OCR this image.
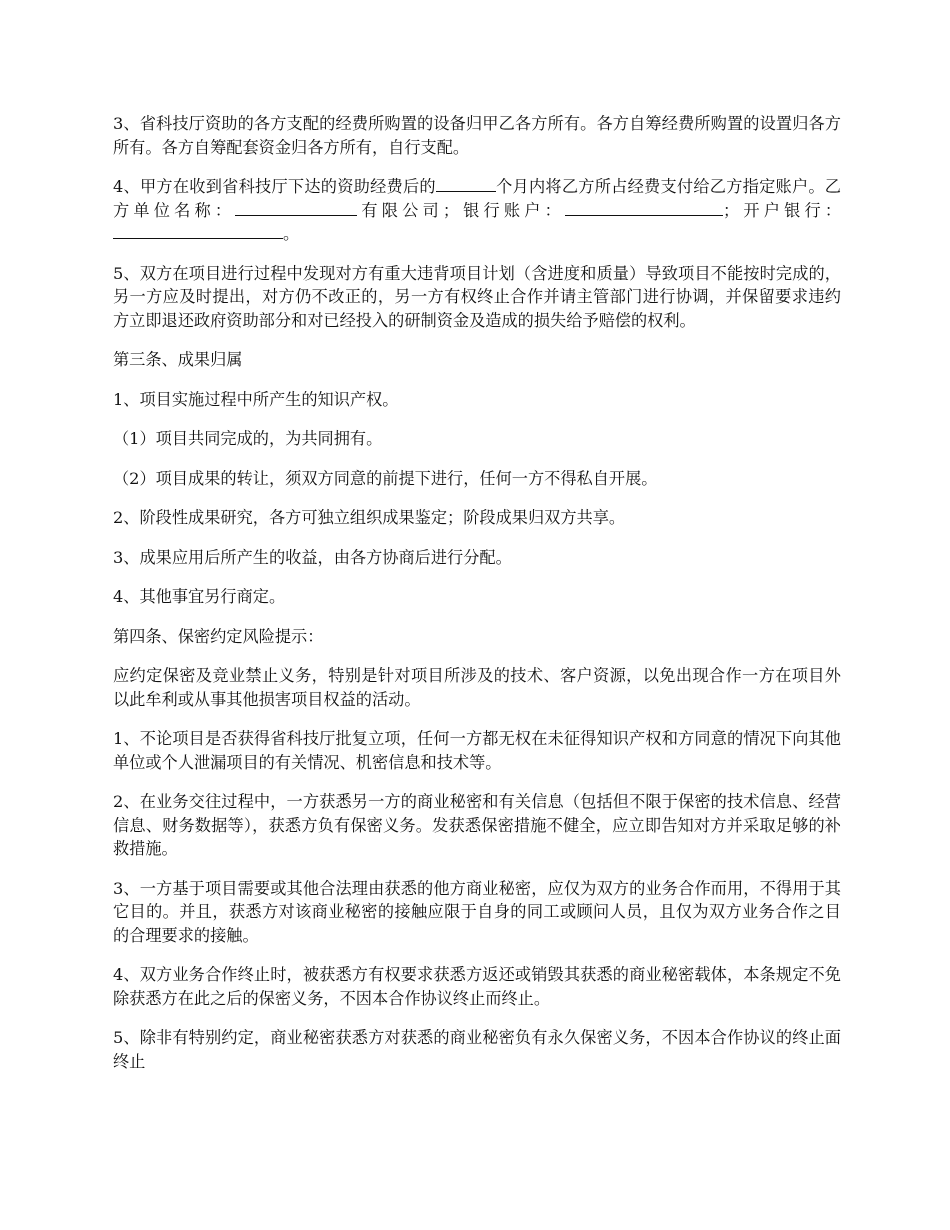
3、省科技厅资助的各方支配的经费所购置的设备归甲乙各方所有。各方自筹经费所购置的设置归各方所有。各方自筹配套资金归各方所有，自行支配。

4、甲方在收到省科技厅下达的资助经费后的	个月内将乙方所占经费支付给乙方指定账户。乙方单位名称：	有限公司；银行账户：	；开户银行：。

5、双方在项目进行过程中发现对方有重大违背项目计划（含进度和质量）导致项目不能按时完成的，另一方应及时提出，对方仍不改正的，另一方有权终止合作并请主管部门进行协调，并保留要求违约方立即退还政府资助部分和对已经投入的研制资金及造成的损失给予赔偿的权利。

第三条、成果归属

1、项目实施过程中所产生的知识产权。

（1）项目共同完成的，为共同拥有。

（2）项目成果的转让，须双方同意的前提下进行，任何一方不得私自开展。

2、阶段性成果研究，各方可独立组织成果鉴定；阶段成果归双方共享。

3、成果应用后所产生的收益，由各方协商后进行分配。

4、其他事宜另行商定。

第四条、保密约定风险提示：

应约定保密及竞业禁止义务，特别是针对项目所涉及的技术、客户资源，以免出现合作一方在项目外以此牟利或从事其他损害项目权益的活动。

1、不论项目是否获得省科技厅批复立项，任何一方都无权在未征得知识产权和方同意的情况下向其他单位或个人泄漏项目的有关情况、机密信息和技术等。

2、在业务交往过程中，一方获悉另一方的商业秘密和有关信息（包括但不限于保密的技术信息、经营信息、财务数据等），获悉方负有保密义务。发获悉保密措施不健全，应立即告知对方并采取足够的补救措施。

3、一方基于项目需要或其他合法理由获悉的他方商业秘密，应仅为双方的业务合作而用，不得用于其它目的。并且，获悉方对该商业秘密的接触应限于自身的同工或顾问人员，且仅为双方业务合作之目的合理要求的接触。

4、双方业务合作终止时，被获悉方有权要求获悉方返还或销毁其获悉的商业秘密载体，本条规定不免除获悉方在此之后的保密义务，不因本合作协议终止而终止。

5、除非有特别约定，商业秘密获悉方对获悉的商业秘密负有永久保密义务，不因本合作协议的终止面终止
